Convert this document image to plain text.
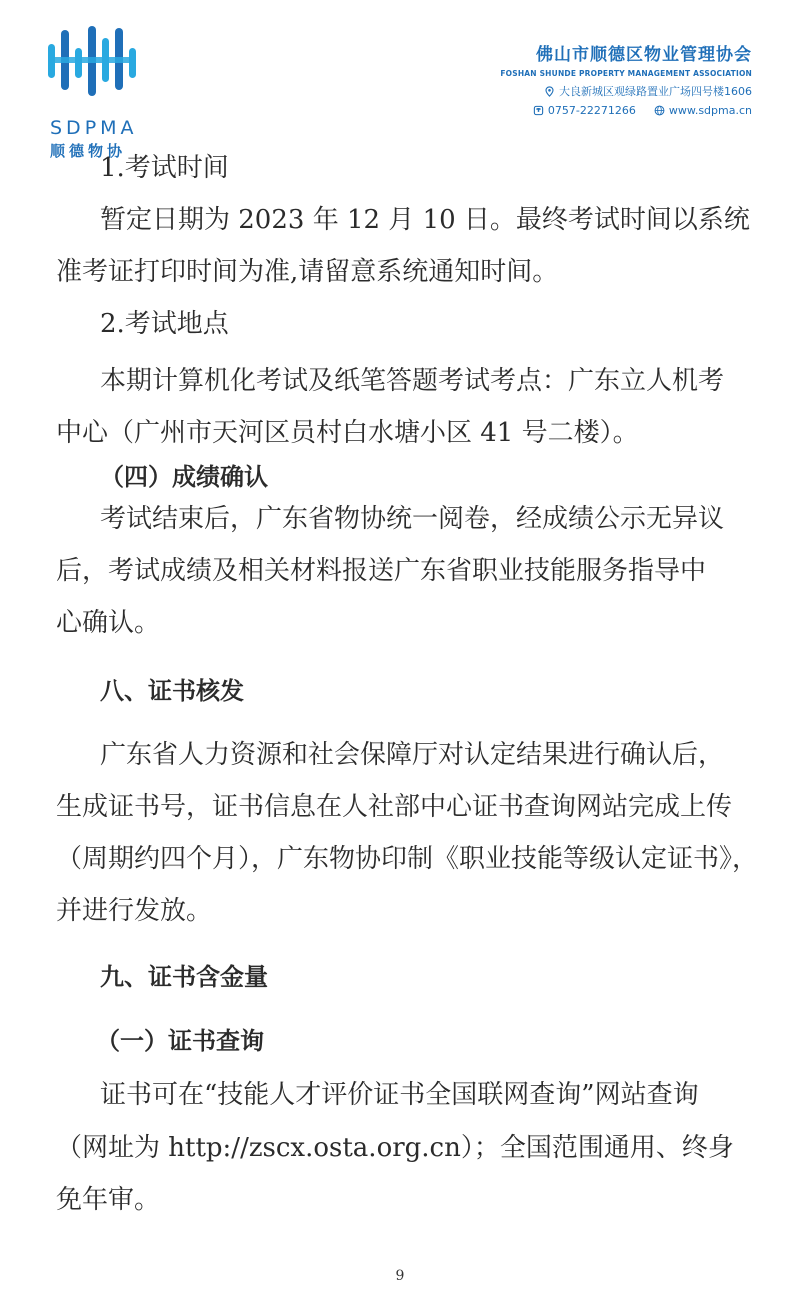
SDPMA
顺德物协
佛山市顺德区物业管理协会
FOSHAN SHUNDE PROPERTY MANAGEMENT ASSOCIATION
大良新城区观绿路置业广场四号楼1606
0757-22271266	www.sdpma.cn
1.考试时间
暂定日期为 2023 年 12 月 10 日。最终考试时间以系统
准考证打印时间为准,请留意系统通知时间。
2.考试地点
本期计算机化考试及纸笔答题考试考点：广东立人机考
中心（广州市天河区员村白水塘小区 41 号二楼）。
（四）成绩确认
考试结束后，广东省物协统一阅卷，经成绩公示无异议
后，考试成绩及相关材料报送广东省职业技能服务指导中
心确认。
八、证书核发
广东省人力资源和社会保障厅对认定结果进行确认后，
生成证书号，证书信息在人社部中心证书查询网站完成上传
（周期约四个月），广东物协印制《职业技能等级认定证书》，
并进行发放。
九、证书含金量
（一）证书查询
证书可在“技能人才评价证书全国联网查询”网站查询
（网址为 http://zscx.osta.org.cn）；全国范围通用、终身
免年审。
9
